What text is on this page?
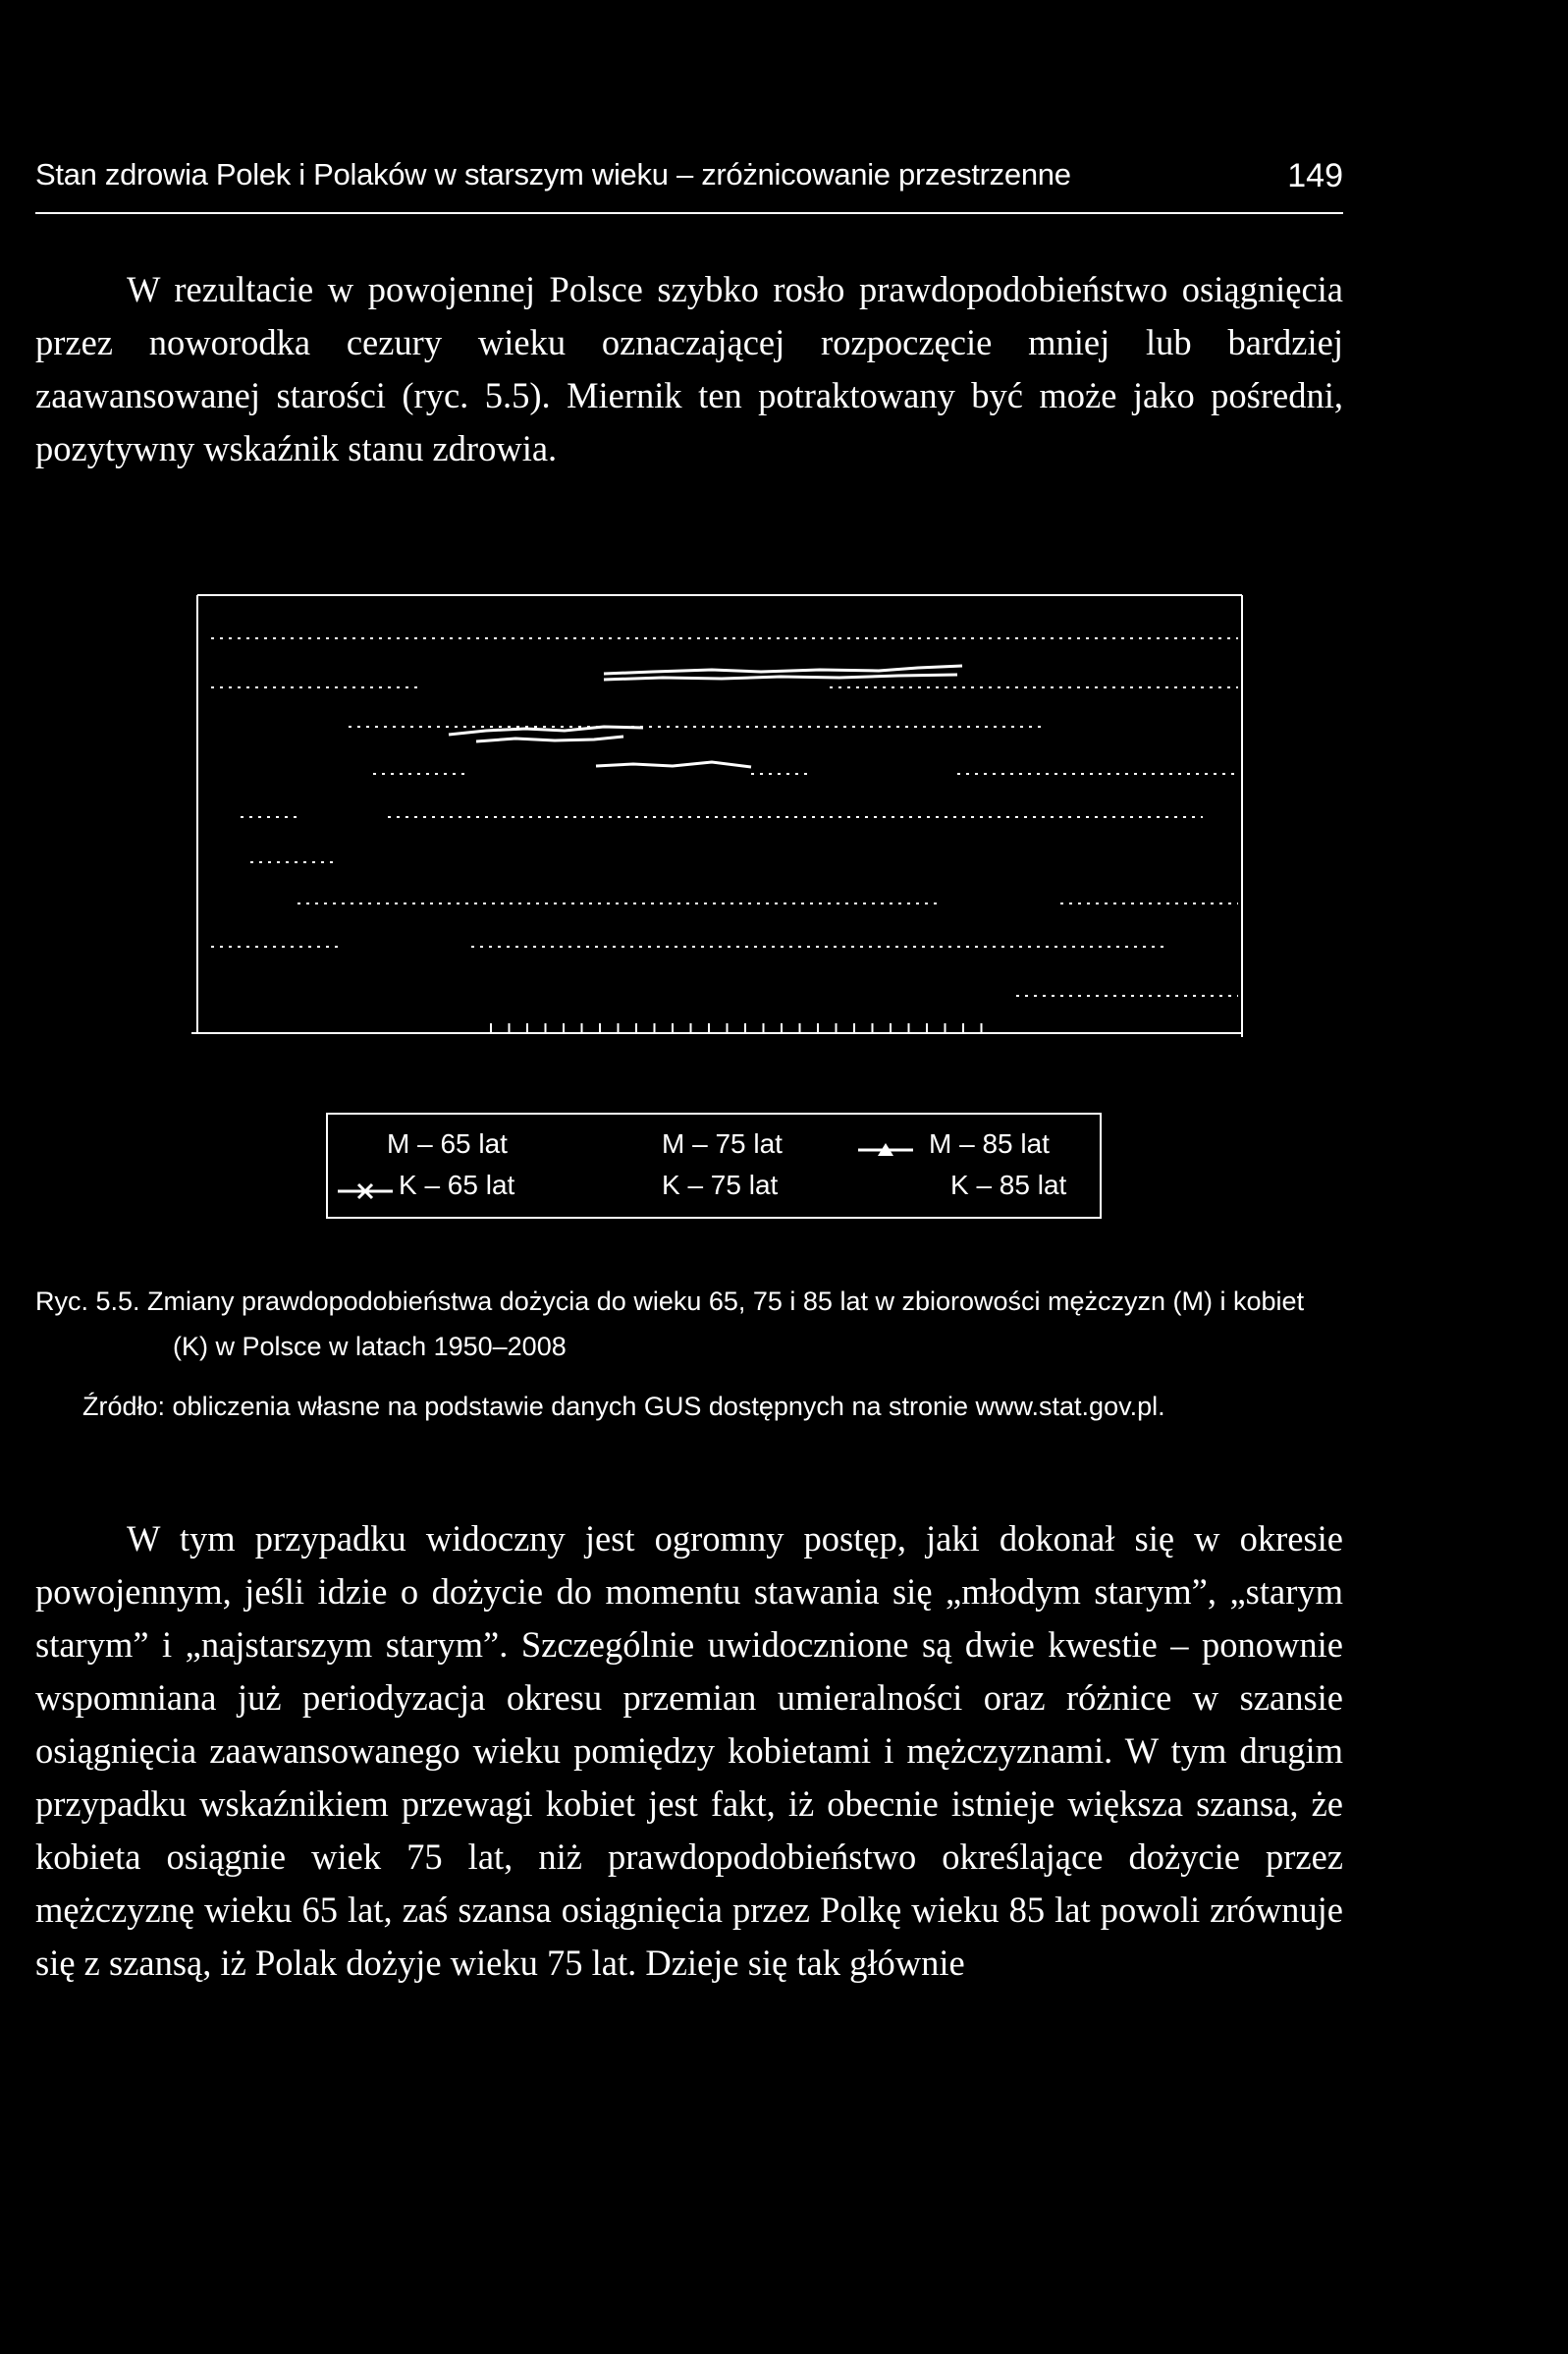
Stan zdrowia Polek i Polaków w starszym wieku – zróżnicowanie przestrzenne	149

W rezultacie w powojennej Polsce szybko rosło prawdopodobieństwo osiągnięcia przez noworodka cezury wieku oznaczającej rozpoczęcie mniej lub bardziej zaawansowanej starości (ryc. 5.5). Miernik ten potraktowany być może jako pośredni, pozytywny wskaźnik stanu zdrowia.

M – 65 lat	M – 75 lat	M – 85 lat
K – 65 lat	K – 75 lat	K – 85 lat
Ryc. 5.5. Zmiany prawdopodobieństwa dożycia do wieku 65, 75 i 85 lat w zbiorowości mężczyzn (M) i kobiet (K) w Polsce w latach 1950–2008
Źródło: obliczenia własne na podstawie danych GUS dostępnych na stronie www.stat.gov.pl.

W tym przypadku widoczny jest ogromny postęp, jaki dokonał się w okresie powojennym, jeśli idzie o dożycie do momentu stawania się „młodym starym”, „starym starym” i „najstarszym starym”. Szczególnie uwidocznione są dwie kwestie – ponownie wspomniana już periodyzacja okresu przemian umieralności oraz różnice w szansie osiągnięcia zaawansowanego wieku pomiędzy kobietami i mężczyznami. W tym drugim przypadku wskaźnikiem przewagi kobiet jest fakt, iż obecnie istnieje większa szansa, że kobieta osiągnie wiek 75 lat, niż prawdopodobieństwo określające dożycie przez mężczyznę wieku 65 lat, zaś szansa osiągnięcia przez Polkę wieku 85 lat powoli zrównuje się z szansą, iż Polak dożyje wieku 75 lat. Dzieje się tak głównie
